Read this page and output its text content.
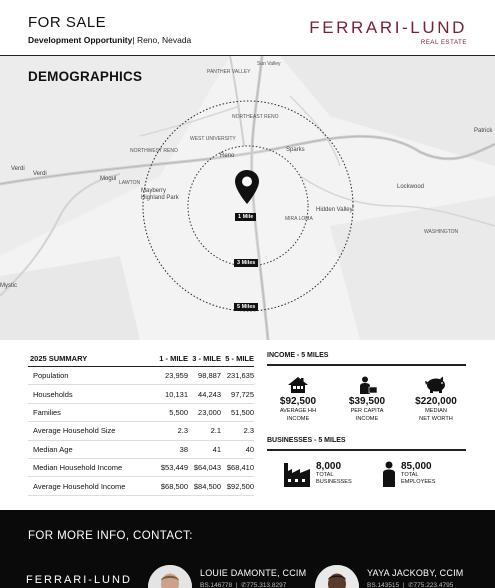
FOR SALE
Development Opportunity| Reno, Nevada
FERRARI-LUND
REAL ESTATE
DEMOGRAPHICS
Sun Valley
PANTHER VALLEY
NORTHEAST RENO
WEST UNIVERSITY
NORTHWEST RENO
Reno
Sparks
Patrick
Verdi
Verdi
Mogul
LAWTON
Mayberry Highland Park
Lockwood
Hidden Valley
MIRA LOMA
WASHINGTON
Mystic
1 Mile
3 Miles
5 Miles
2025 SUMMARY	1 - MILE 3 - MILE 5 - MILE
Population	23,959	98,887 231,635
Households	10,131	44,243	97,725
Families	5,500	23,000	51,500
Average Household Size	2.3	2.1	2.3
Median Age	38	41	40
Median Household Income	$53,449 $64,043 $68,410
Average Household Income	$68,500 $84,500 $92,500
INCOME - 5 MILES
$92,500
AVERAGE HH
INCOME
$39,500
PER CAPITA
INCOME
$220,000
MEDIAN
NET WORTH
BUSINESSES - 5 MILES
8,000
TOTAL
BUSINESSES
85,000
TOTAL
EMPLOYEES
FOR MORE INFO, CONTACT:
FERRARI-LUND
LOUIE DAMONTE, CCIM
BS.146778  |  ✆775.313.8297
YAYA JACKOBY, CCIM
BS.143515  |  ✆775.223.4795
